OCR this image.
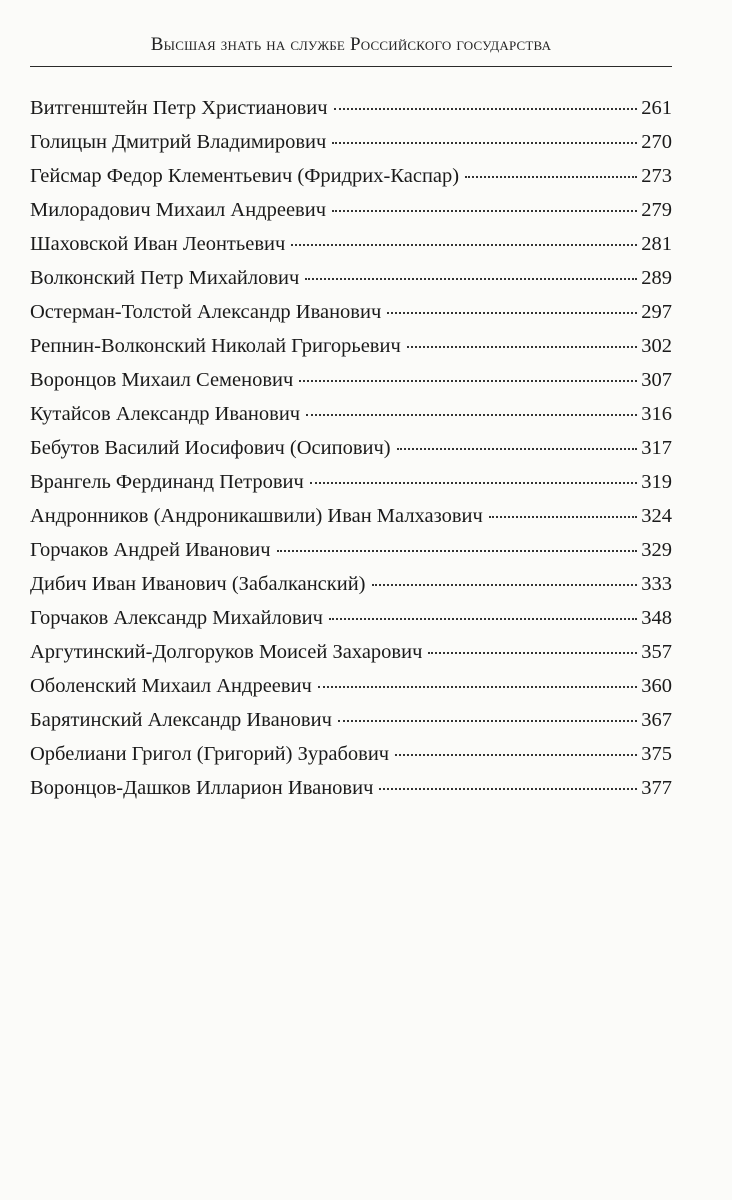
Высшая знать на службе Российского государства
Витгенштейн Петр Христианович	261
Голицын Дмитрий Владимирович	270
Гейсмар Федор Клементьевич (Фридрих-Каспар)	273
Милорадович Михаил Андреевич	279
Шаховской Иван Леонтьевич	281
Волконский Петр Михайлович	289
Остерман-Толстой Александр Иванович	297
Репнин-Волконский Николай Григорьевич	302
Воронцов Михаил Семенович	307
Кутайсов Александр Иванович	316
Бебутов Василий Иосифович (Осипович)	317
Врангель Фердинанд Петрович	319
Андронников (Андроникашвили) Иван Малхазович	324
Горчаков Андрей Иванович	329
Дибич Иван Иванович (Забалканский)	333
Горчаков Александр Михайлович	348
Аргутинский-Долгоруков Моисей Захарович	357
Оболенский Михаил Андреевич	360
Барятинский Александр Иванович	367
Орбелиани Григол (Григорий) Зурабович	375
Воронцов-Дашков Илларион Иванович	377
